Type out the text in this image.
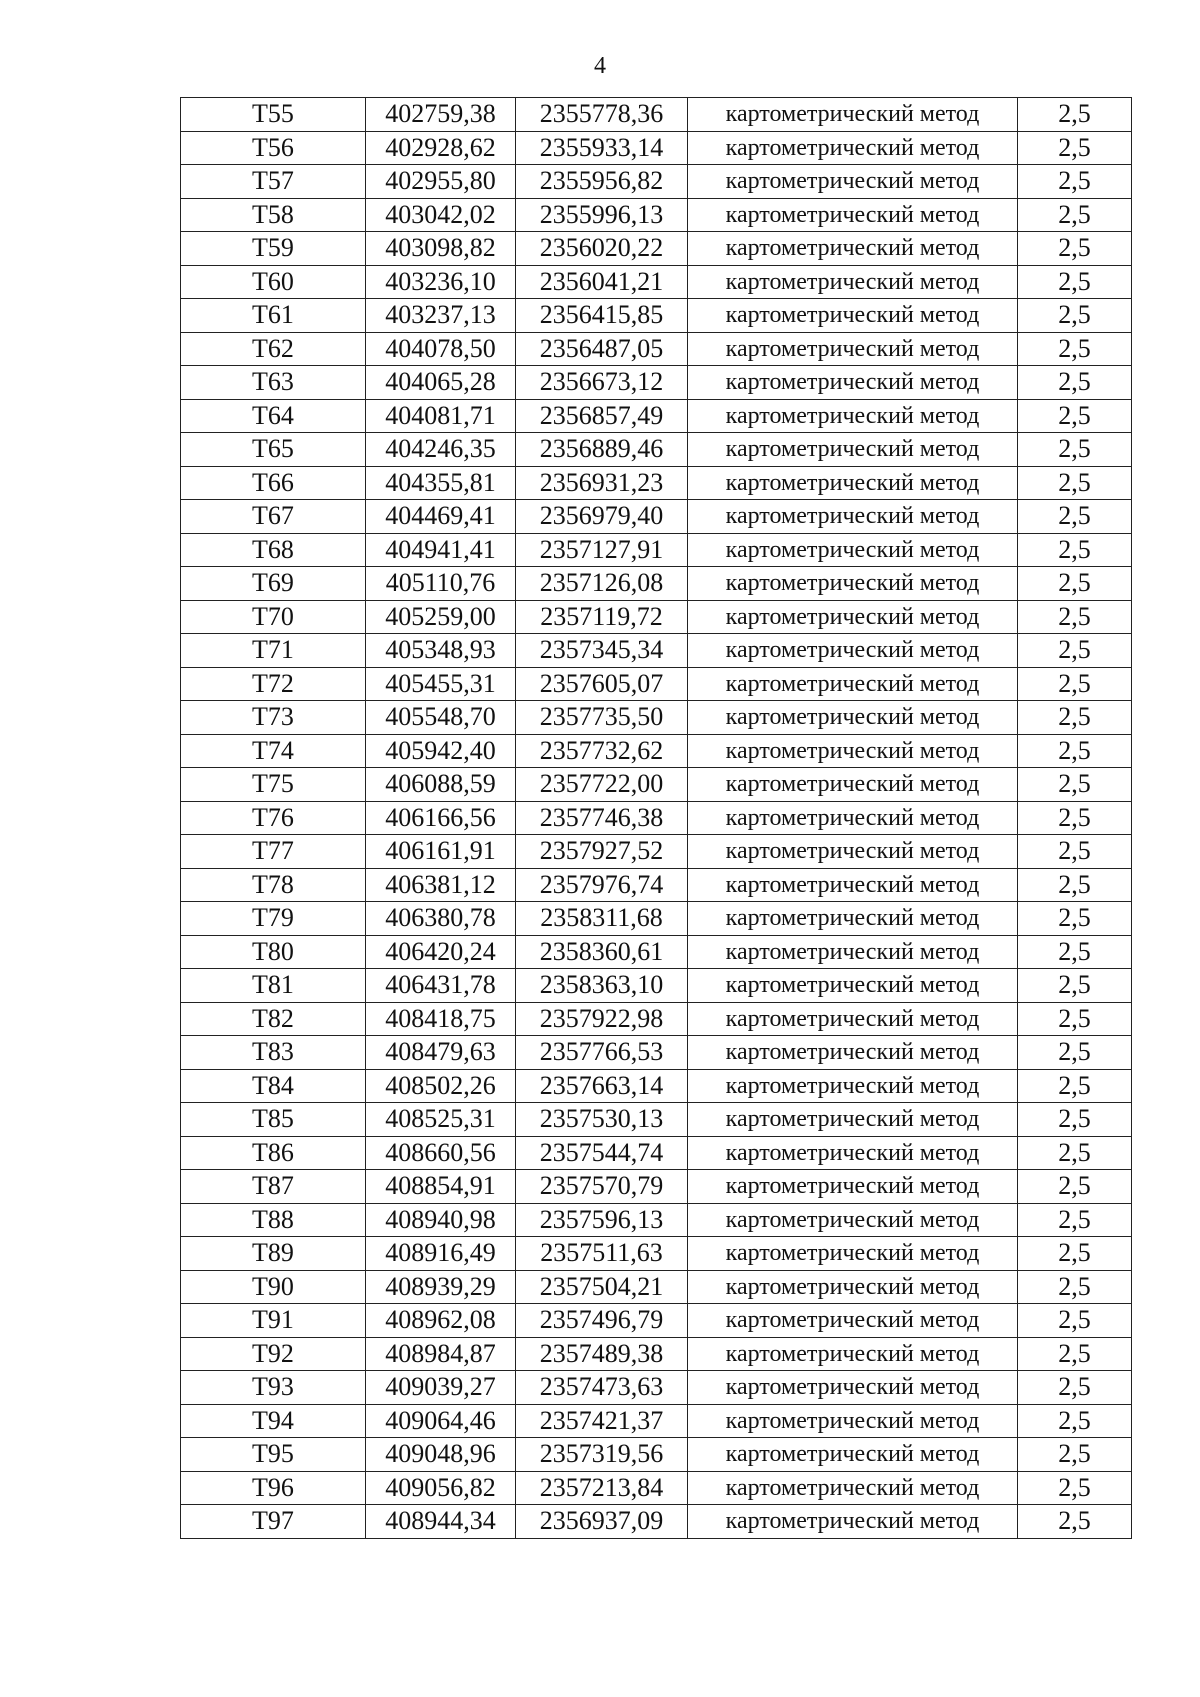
4
Т55	402759,38	2355778,36	картометрический метод	2,5
Т56	402928,62	2355933,14	картометрический метод	2,5
Т57	402955,80	2355956,82	картометрический метод	2,5
Т58	403042,02	2355996,13	картометрический метод	2,5
Т59	403098,82	2356020,22	картометрический метод	2,5
Т60	403236,10	2356041,21	картометрический метод	2,5
Т61	403237,13	2356415,85	картометрический метод	2,5
Т62	404078,50	2356487,05	картометрический метод	2,5
Т63	404065,28	2356673,12	картометрический метод	2,5
Т64	404081,71	2356857,49	картометрический метод	2,5
Т65	404246,35	2356889,46	картометрический метод	2,5
Т66	404355,81	2356931,23	картометрический метод	2,5
Т67	404469,41	2356979,40	картометрический метод	2,5
Т68	404941,41	2357127,91	картометрический метод	2,5
Т69	405110,76	2357126,08	картометрический метод	2,5
Т70	405259,00	2357119,72	картометрический метод	2,5
Т71	405348,93	2357345,34	картометрический метод	2,5
Т72	405455,31	2357605,07	картометрический метод	2,5
Т73	405548,70	2357735,50	картометрический метод	2,5
Т74	405942,40	2357732,62	картометрический метод	2,5
Т75	406088,59	2357722,00	картометрический метод	2,5
Т76	406166,56	2357746,38	картометрический метод	2,5
Т77	406161,91	2357927,52	картометрический метод	2,5
Т78	406381,12	2357976,74	картометрический метод	2,5
Т79	406380,78	2358311,68	картометрический метод	2,5
Т80	406420,24	2358360,61	картометрический метод	2,5
Т81	406431,78	2358363,10	картометрический метод	2,5
Т82	408418,75	2357922,98	картометрический метод	2,5
Т83	408479,63	2357766,53	картометрический метод	2,5
Т84	408502,26	2357663,14	картометрический метод	2,5
Т85	408525,31	2357530,13	картометрический метод	2,5
Т86	408660,56	2357544,74	картометрический метод	2,5
Т87	408854,91	2357570,79	картометрический метод	2,5
Т88	408940,98	2357596,13	картометрический метод	2,5
Т89	408916,49	2357511,63	картометрический метод	2,5
Т90	408939,29	2357504,21	картометрический метод	2,5
Т91	408962,08	2357496,79	картометрический метод	2,5
Т92	408984,87	2357489,38	картометрический метод	2,5
Т93	409039,27	2357473,63	картометрический метод	2,5
Т94	409064,46	2357421,37	картометрический метод	2,5
Т95	409048,96	2357319,56	картометрический метод	2,5
Т96	409056,82	2357213,84	картометрический метод	2,5
Т97	408944,34	2356937,09	картометрический метод	2,5
